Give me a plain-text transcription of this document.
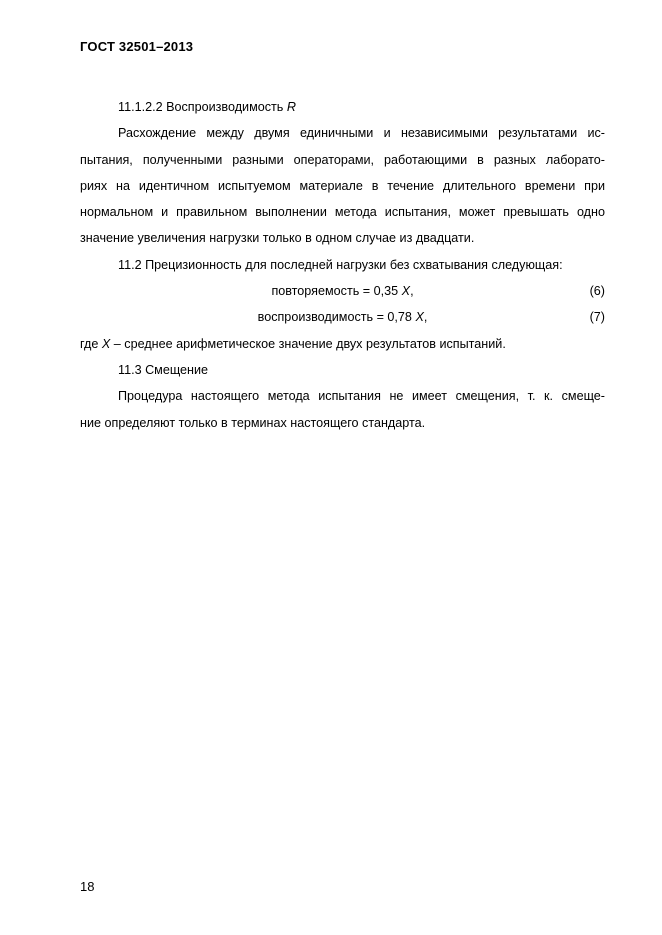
ГОСТ 32501–2013
11.1.2.2 Воспроизводимость R
Расхождение между двумя единичными и независимыми результатами ис-
пытания, полученными разными операторами, работающими в разных лаборато-
риях на идентичном испытуемом материале в течение длительного времени при
нормальном и правильном выполнении метода испытания, может превышать одно
значение увеличения нагрузки только в одном случае из двадцати.
11.2 Прецизионность для последней нагрузки без схватывания следующая:
повторяемость = 0,35 X,	(6)
воспроизводимость = 0,78 X,	(7)
где X – среднее арифметическое значение двух результатов испытаний.
11.3 Смещение
Процедура настоящего метода испытания не имеет смещения, т. к. смеще-
ние определяют только в терминах настоящего стандарта.
18
